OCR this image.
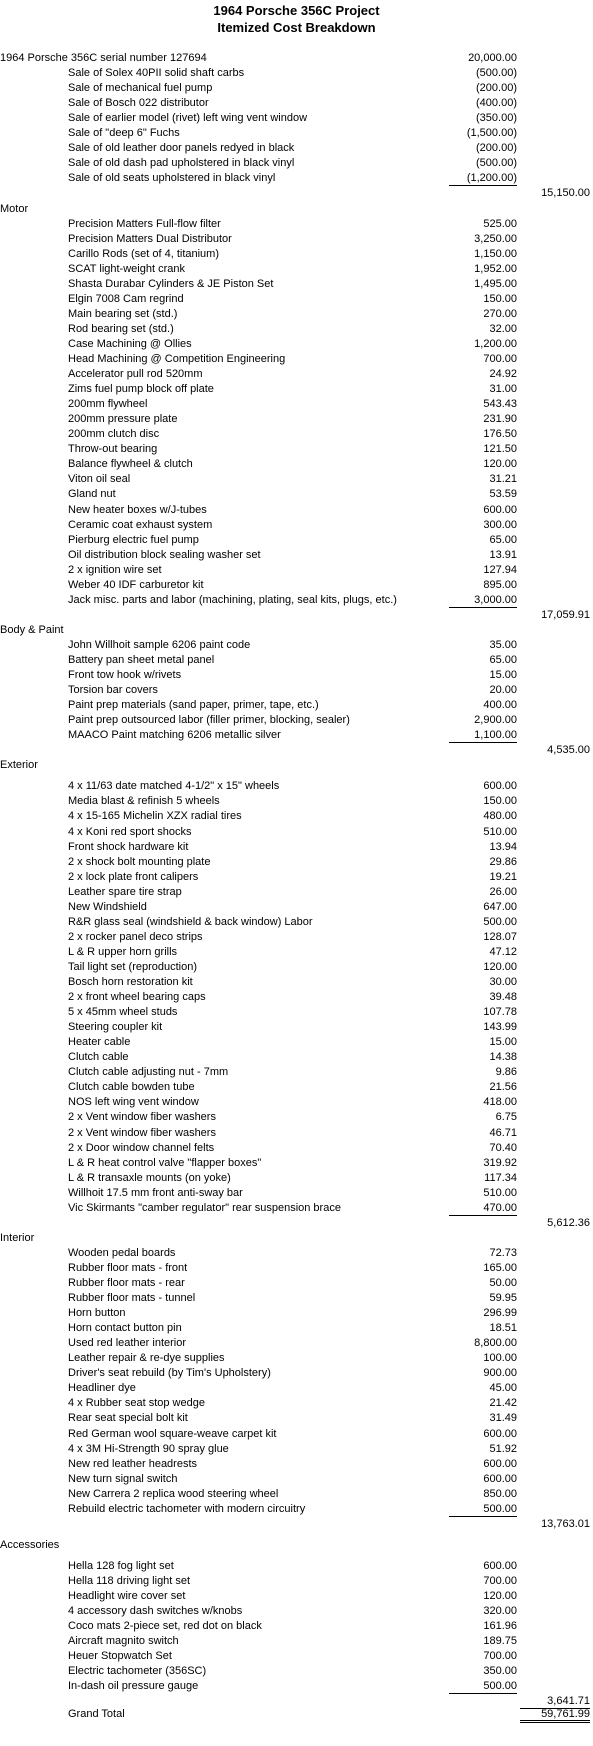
1964 Porsche 356C Project
Itemized Cost Breakdown
1964 Porsche 356C serial number 127694	20,000.00
Sale of Solex 40PII solid shaft carbs	(500.00)
Sale of mechanical fuel pump	(200.00)
Sale of Bosch 022 distributor	(400.00)
Sale of earlier model (rivet) left wing vent window	(350.00)
Sale of "deep 6" Fuchs	(1,500.00)
Sale of old leather door panels redyed in black	(200.00)
Sale of old dash pad upholstered in black vinyl	(500.00)
Sale of old seats upholstered in black vinyl	(1,200.00)
15,150.00
Motor
Precision Matters Full-flow filter	525.00
Precision Matters Dual Distributor	3,250.00
Carillo Rods (set of 4, titanium)	1,150.00
SCAT light-weight crank	1,952.00
Shasta Durabar Cylinders & JE Piston Set	1,495.00
Elgin 7008 Cam regrind	150.00
Main bearing set (std.)	270.00
Rod bearing set (std.)	32.00
Case Machining @ Ollies	1,200.00
Head Machining @ Competition Engineering	700.00
Accelerator pull rod 520mm	24.92
Zims fuel pump block off plate	31.00
200mm flywheel	543.43
200mm pressure plate	231.90
200mm clutch disc	176.50
Throw-out bearing	121.50
Balance flywheel & clutch	120.00
Viton oil seal	31.21
Gland nut	53.59
New heater boxes w/J-tubes	600.00
Ceramic coat exhaust system	300.00
Pierburg electric fuel pump	65.00
Oil distribution block sealing washer set	13.91
2 x ignition wire set	127.94
Weber 40 IDF carburetor kit	895.00
Jack misc. parts and labor (machining, plating, seal kits, plugs, etc.)	3,000.00
17,059.91
Body & Paint
John Willhoit sample 6206 paint code	35.00
Battery pan sheet metal panel	65.00
Front tow hook w/rivets	15.00
Torsion bar covers	20.00
Paint prep materials (sand paper, primer, tape, etc.)	400.00
Paint prep outsourced labor (filler primer, blocking, sealer)	2,900.00
MAACO Paint matching 6206 metallic silver	1,100.00
4,535.00
Exterior
4 x 11/63 date matched 4-1/2" x 15" wheels	600.00
Media blast & refinish 5 wheels	150.00
4 x 15-165 Michelin XZX radial tires	480.00
4 x Koni red sport shocks	510.00
Front shock hardware kit	13.94
2 x shock bolt mounting plate	29.86
2 x lock plate front calipers	19.21
Leather spare tire strap	26.00
New Windshield	647.00
R&R glass seal (windshield & back window) Labor	500.00
2 x rocker panel deco strips	128.07
L & R upper horn grills	47.12
Tail light set (reproduction)	120.00
Bosch horn restoration kit	30.00
2 x front wheel bearing caps	39.48
5 x 45mm wheel studs	107.78
Steering coupler kit	143.99
Heater cable	15.00
Clutch cable	14.38
Clutch cable adjusting nut - 7mm	9.86
Clutch cable bowden tube	21.56
NOS left wing vent window	418.00
2 x Vent window fiber washers	6.75
2 x Vent window fiber washers	46.71
2 x Door window channel felts	70.40
L & R heat control valve "flapper boxes"	319.92
L & R transaxle mounts (on yoke)	117.34
Willhoit 17.5 mm front anti-sway bar	510.00
Vic Skirmants "camber regulator" rear suspension brace	470.00
5,612.36
Interior
Wooden pedal boards	72.73
Rubber floor mats - front	165.00
Rubber floor mats - rear	50.00
Rubber floor mats - tunnel	59.95
Horn button	296.99
Horn contact button pin	18.51
Used red leather interior	8,800.00
Leather repair & re-dye supplies	100.00
Driver's seat rebuild (by Tim's Upholstery)	900.00
Headliner dye	45.00
4 x Rubber seat stop wedge	21.42
Rear seat special bolt kit	31.49
Red German wool square-weave carpet kit	600.00
4 x 3M Hi-Strength 90 spray glue	51.92
New red leather headrests	600.00
New turn signal switch	600.00
New Carrera 2 replica wood steering wheel	850.00
Rebuild electric tachometer with modern circuitry	500.00
13,763.01
Accessories
Hella 128 fog light set	600.00
Hella 118 driving light set	700.00
Headlight wire cover set	120.00
4 accessory dash switches w/knobs	320.00
Coco mats 2-piece set, red dot on black	161.96
Aircraft magnito switch	189.75
Heuer Stopwatch Set	700.00
Electric tachometer (356SC)	350.00
In-dash oil pressure gauge	500.00
3,641.71
Grand Total	59,761.99
